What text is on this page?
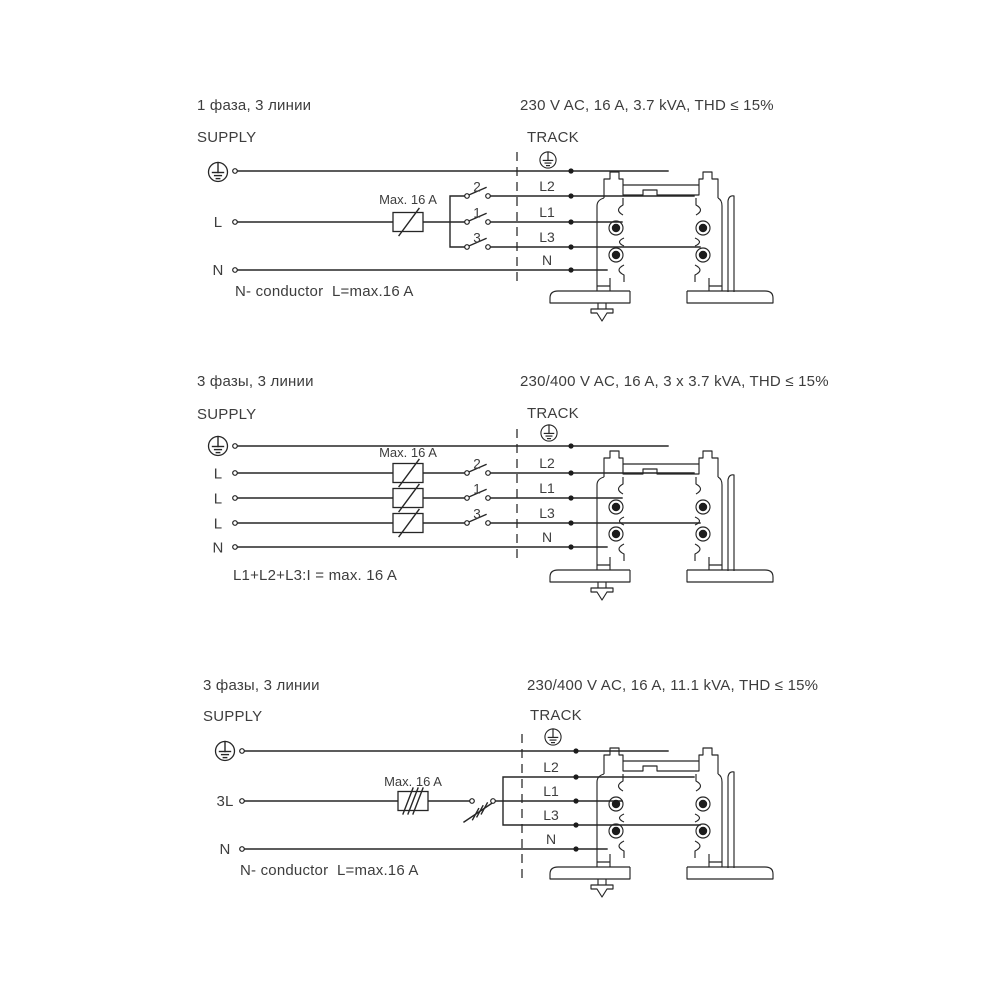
1 фаза, 3 линии	230 V AC, 16 A, 3.7 kVA, THD ≤ 15%
SUPPLY	TRACK
L
N
Max. 16 A
2
1
3
L2
L1
L3
N
N- conductor  L=max.16 A
3 фазы, 3 линии	230/400 V AC, 16 A, 3 x 3.7 kVA, THD ≤ 15%
SUPPLY	TRACK
L
L
L
N
Max. 16 A
2
1
3
L2
L1
L3
N
L1+L2+L3:I = max. 16 A
3 фазы, 3 линии	230/400 V AC, 16 A, 11.1 kVA, THD ≤ 15%
SUPPLY	TRACK
3L
N
Max. 16 A
L2
L1
L3
N
N- conductor  L=max.16 A
